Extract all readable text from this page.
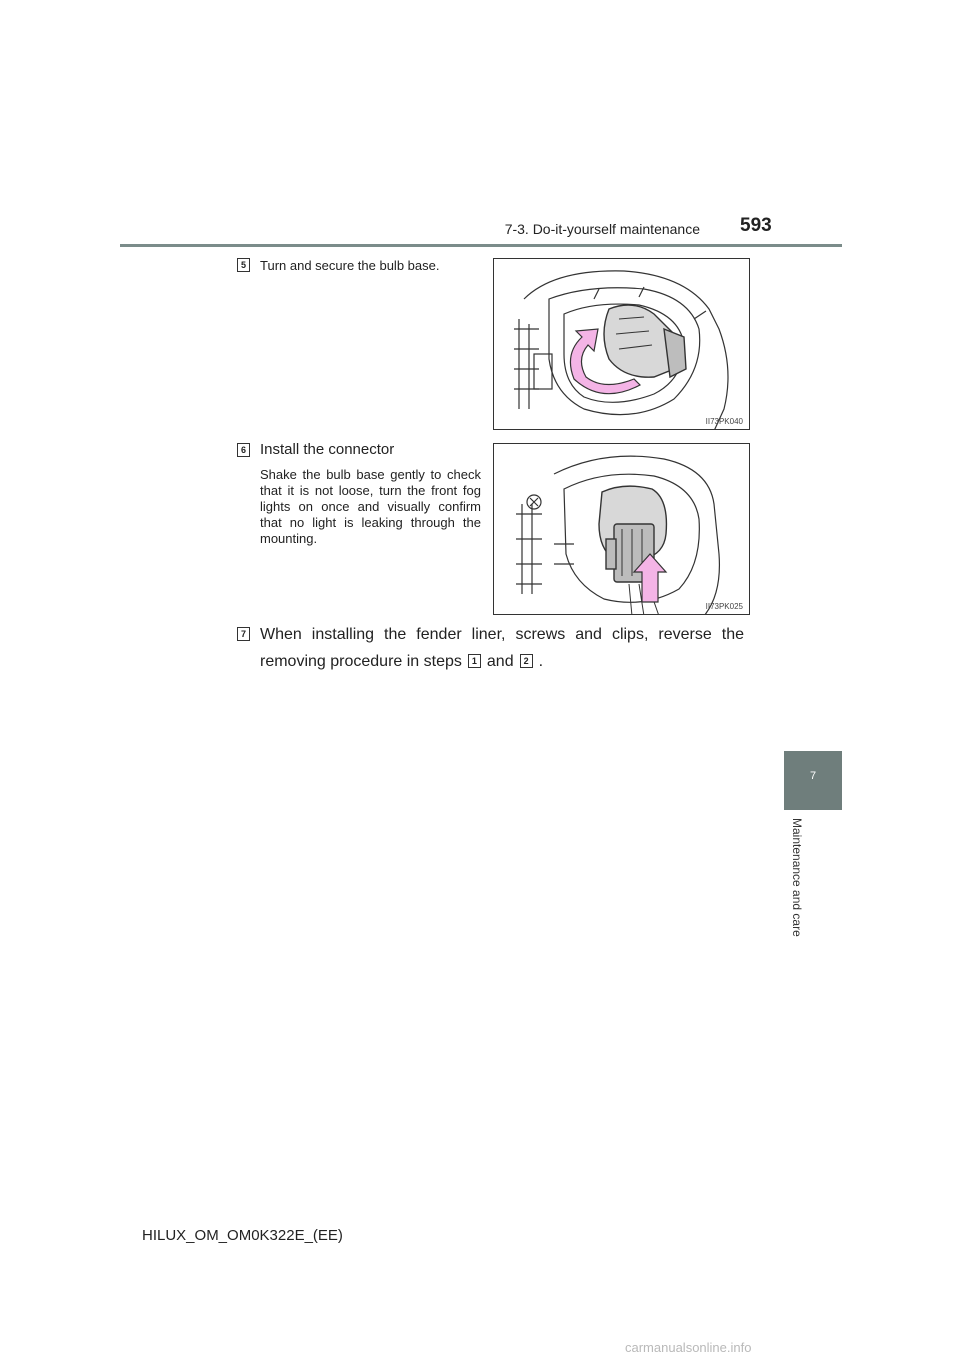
7-3. Do-it-yourself maintenance 593
7
Maintenance and care
5	Turn and secure the bulb base.
II73PK040
6 Install the connector
Shake the bulb base gently to check that it is not loose, turn the front fog lights on once and visually confirm that no light is leaking through the mounting.
II73PK025
7 When installing the fender liner, screws and clips, reverse the removing procedure in steps 1 and 2 .
HILUX_OM_OM0K322E_(EE)
carmanualsonline.info
